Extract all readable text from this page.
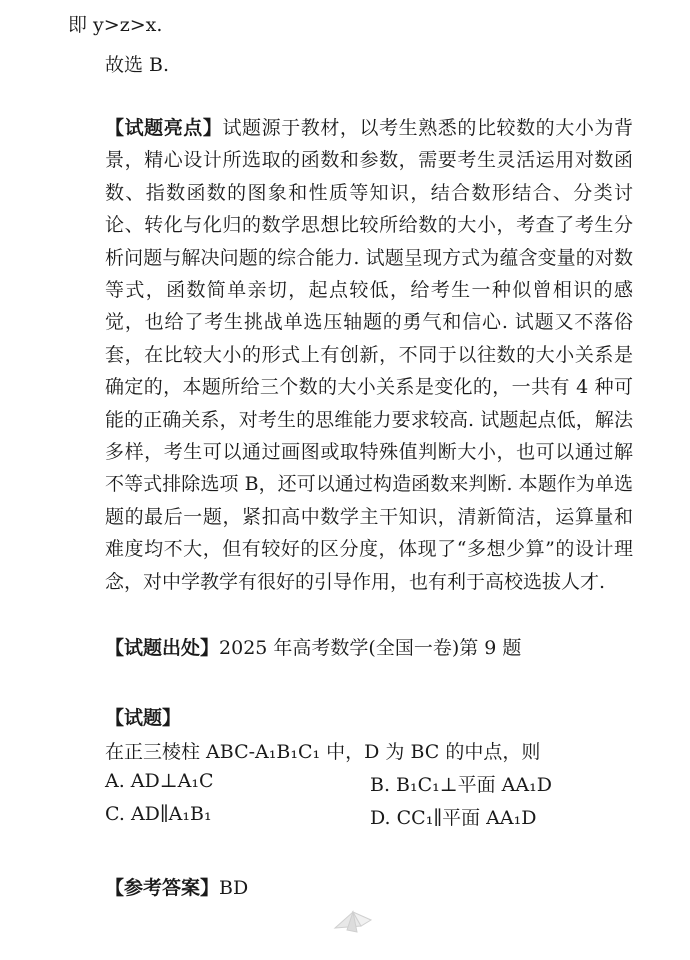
即 y>z>x.
故选 B.

【试题亮点】试题源于教材，以考生熟悉的比较数的大小为背景，精心设计所选取的函数和参数，需要考生灵活运用对数函数、指数函数的图象和性质等知识，结合数形结合、分类讨论、转化与化归的数学思想比较所给数的大小，考查了考生分析问题与解决问题的综合能力. 试题呈现方式为蕴含变量的对数等式，函数简单亲切，起点较低，给考生一种似曾相识的感觉，也给了考生挑战单选压轴题的勇气和信心. 试题又不落俗套，在比较大小的形式上有创新，不同于以往数的大小关系是确定的，本题所给三个数的大小关系是变化的，一共有 4 种可能的正确关系，对考生的思维能力要求较高. 试题起点低，解法多样，考生可以通过画图或取特殊值判断大小，也可以通过解不等式排除选项 B，还可以通过构造函数来判断. 本题作为单选题的最后一题，紧扣高中数学主干知识，清新简洁，运算量和难度均不大，但有较好的区分度，体现了“多想少算”的设计理念，对中学教学有很好的引导作用，也有利于高校选拔人才.

【试题出处】2025 年高考数学(全国一卷)第 9 题
【试题】
在正三棱柱 ABC-A₁B₁C₁ 中，D 为 BC 的中点，则
A. AD⊥A₁C	B. B₁C₁⊥平面 AA₁D
C. AD∥A₁B₁	D. CC₁∥平面 AA₁D
【参考答案】BD
